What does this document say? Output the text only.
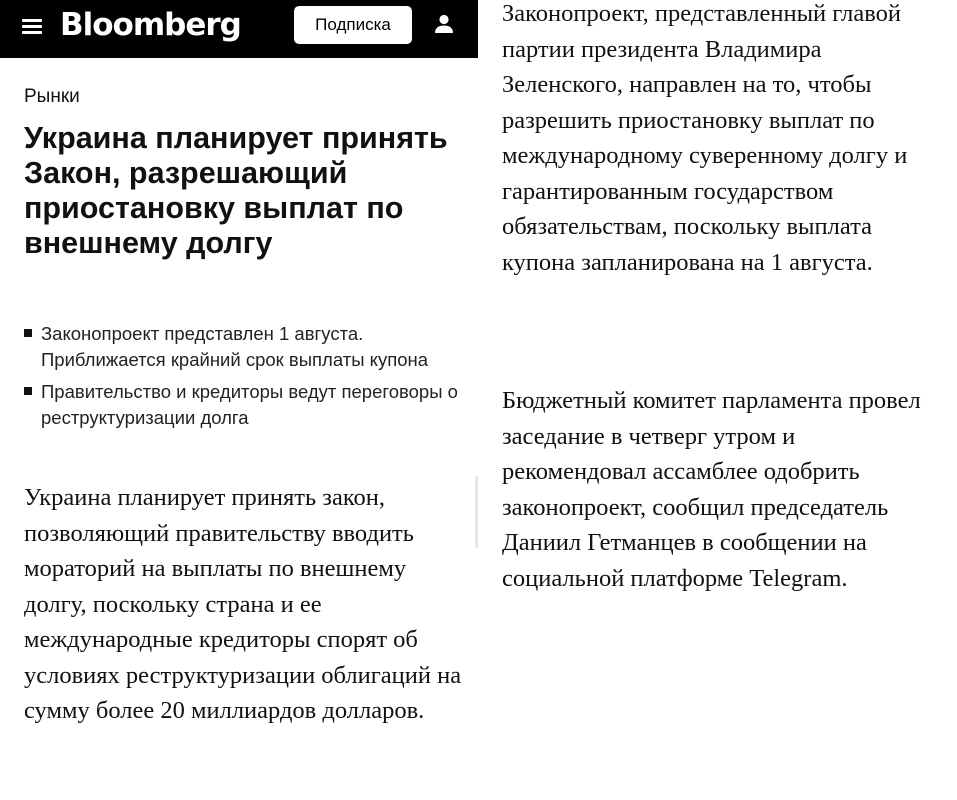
Bloomberg	Подписка
Рынки
Украина планирует принять Закон, разрешающий приостановку выплат по внешнему долгу
Законопроект представлен 1 августа. Приближается крайний срок выплаты купона
Правительство и кредиторы ведут переговоры о реструктуризации долга

Украина планирует принять закон, позволяющий правительству вводить мораторий на выплаты по внешнему долгу, поскольку страна и ее международные кредиторы спорят об условиях реструктуризации облигаций на сумму более 20 миллиардов долларов.

Законопроект, представленный главой партии президента Владимира Зеленского, направлен на то, чтобы разрешить приостановку выплат по международному суверенному долгу и гарантированным государством обязательствам, поскольку выплата купона запланирована на 1 августа.

Бюджетный комитет парламента провел заседание в четверг утром и рекомендовал ассамблее одобрить законопроект, сообщил председатель Даниил Гетманцев в сообщении на социальной платформе Telegram.
